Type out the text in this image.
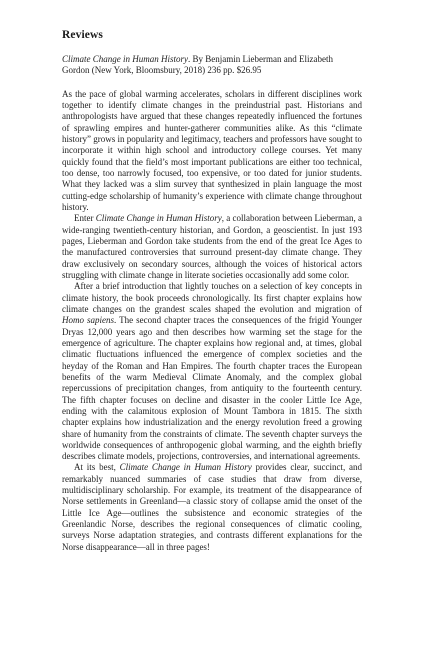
Reviews

Climate Change in Human History. By Benjamin Lieberman and Elizabeth Gordon (New York, Bloomsbury, 2018) 236 pp. $26.95

As the pace of global warming accelerates, scholars in different disciplines work together to identify climate changes in the preindustrial past. Historians and anthropologists have argued that these changes repeatedly influenced the fortunes of sprawling empires and hunter-gatherer communities alike. As this “climate history” grows in popularity and legitimacy, teachers and professors have sought to incorporate it within high school and introductory college courses. Yet many quickly found that the field’s most important publications are either too technical, too dense, too narrowly focused, too expensive, or too dated for junior students. What they lacked was a slim survey that synthesized in plain language the most cutting-edge scholarship of humanity’s experience with climate change throughout history.

Enter Climate Change in Human History, a collaboration between Lieberman, a wide-ranging twentieth-century historian, and Gordon, a geoscientist. In just 193 pages, Lieberman and Gordon take students from the end of the great Ice Ages to the manufactured controversies that surround present-day climate change. They draw exclusively on secondary sources, although the voices of historical actors struggling with climate change in literate societies occasionally add some color.

After a brief introduction that lightly touches on a selection of key concepts in climate history, the book proceeds chronologically. Its first chapter explains how climate changes on the grandest scales shaped the evolution and migration of Homo sapiens. The second chapter traces the consequences of the frigid Younger Dryas 12,000 years ago and then describes how warming set the stage for the emergence of agriculture. The chapter explains how regional and, at times, global climatic fluctuations influenced the emergence of complex societies and the heyday of the Roman and Han Empires. The fourth chapter traces the European benefits of the warm Medieval Climate Anomaly, and the complex global repercussions of precipitation changes, from antiquity to the fourteenth century. The fifth chapter focuses on decline and disaster in the cooler Little Ice Age, ending with the calamitous explosion of Mount Tambora in 1815. The sixth chapter explains how industrialization and the energy revolution freed a growing share of humanity from the constraints of climate. The seventh chapter surveys the worldwide consequences of anthropogenic global warming, and the eighth briefly describes climate models, projections, controversies, and international agreements.

At its best, Climate Change in Human History provides clear, succinct, and remarkably nuanced summaries of case studies that draw from diverse, multidisciplinary scholarship. For example, its treatment of the disappearance of Norse settlements in Greenland—a classic story of collapse amid the onset of the Little Ice Age—outlines the subsistence and economic strategies of the Greenlandic Norse, describes the regional consequences of climatic cooling, surveys Norse adaptation strategies, and contrasts different explanations for the Norse disappearance—all in three pages!
